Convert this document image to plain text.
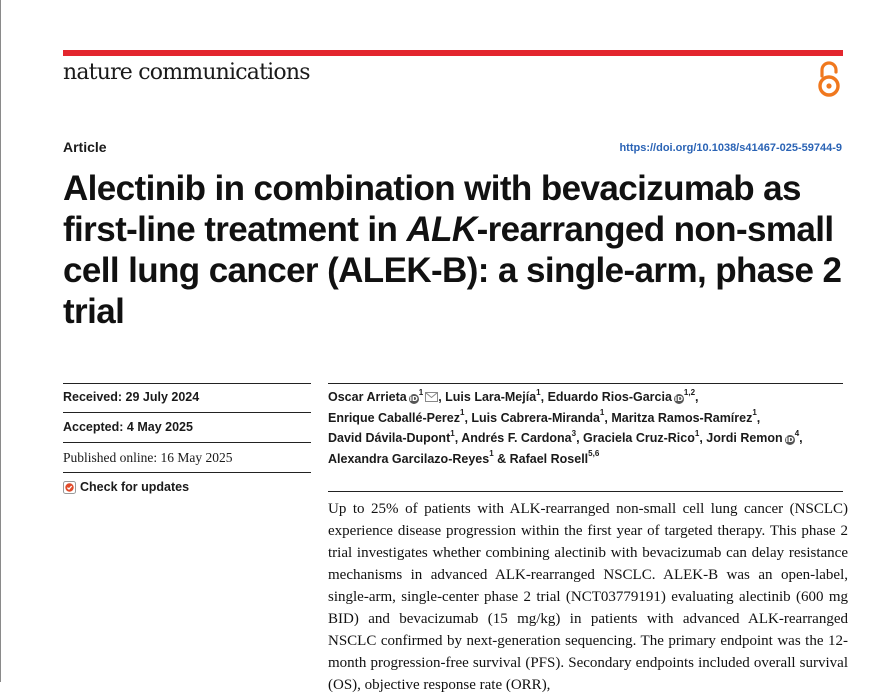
nature communications
Article	https://doi.org/10.1038/s41467-025-59744-9
Alectinib in combination with bevacizumab as first-line treatment in ALK-rearranged non-small cell lung cancer (ALEK-B): a single-arm, phase 2 trial
Received: 29 July 2024
Accepted: 4 May 2025
Published online: 16 May 2025
Check for updates
Oscar Arrieta $iD^1$ , Luis Lara-Mejía$^1$, Eduardo Rios-Garcia iD$^{1,2}$,
Enrique Caballé-Perez$^1$, Luis Cabrera-Miranda$^1$, Maritza Ramos-Ramírez$^1$,
David Dávila-Dupont$^1$, Andrés F. Cardona$^3$, Graciela Cruz-Rico$^1$, Jordi Remon $iD^4$,
Alexandra Garcilazo-Reyes$^1$ & Rafael Rosell$^{5,6}$

Up to 25% of patients with ALK-rearranged non-small cell lung cancer (NSCLC) experience disease progression within the first year of targeted therapy. This phase 2 trial investigates whether combining alectinib with bevacizumab can delay resistance mechanisms in advanced ALK-rearranged NSCLC. ALEK-B was an open-label, single-arm, single-center phase 2 trial (NCT03779191) evaluating alectinib (600 mg BID) and bevacizumab (15 mg/kg) in patients with advanced ALK-rearranged NSCLC confirmed by next-generation sequencing. The primary endpoint was the 12-month progression-free survival (PFS). Secondary endpoints included overall survival (OS), objective response rate (ORR),
